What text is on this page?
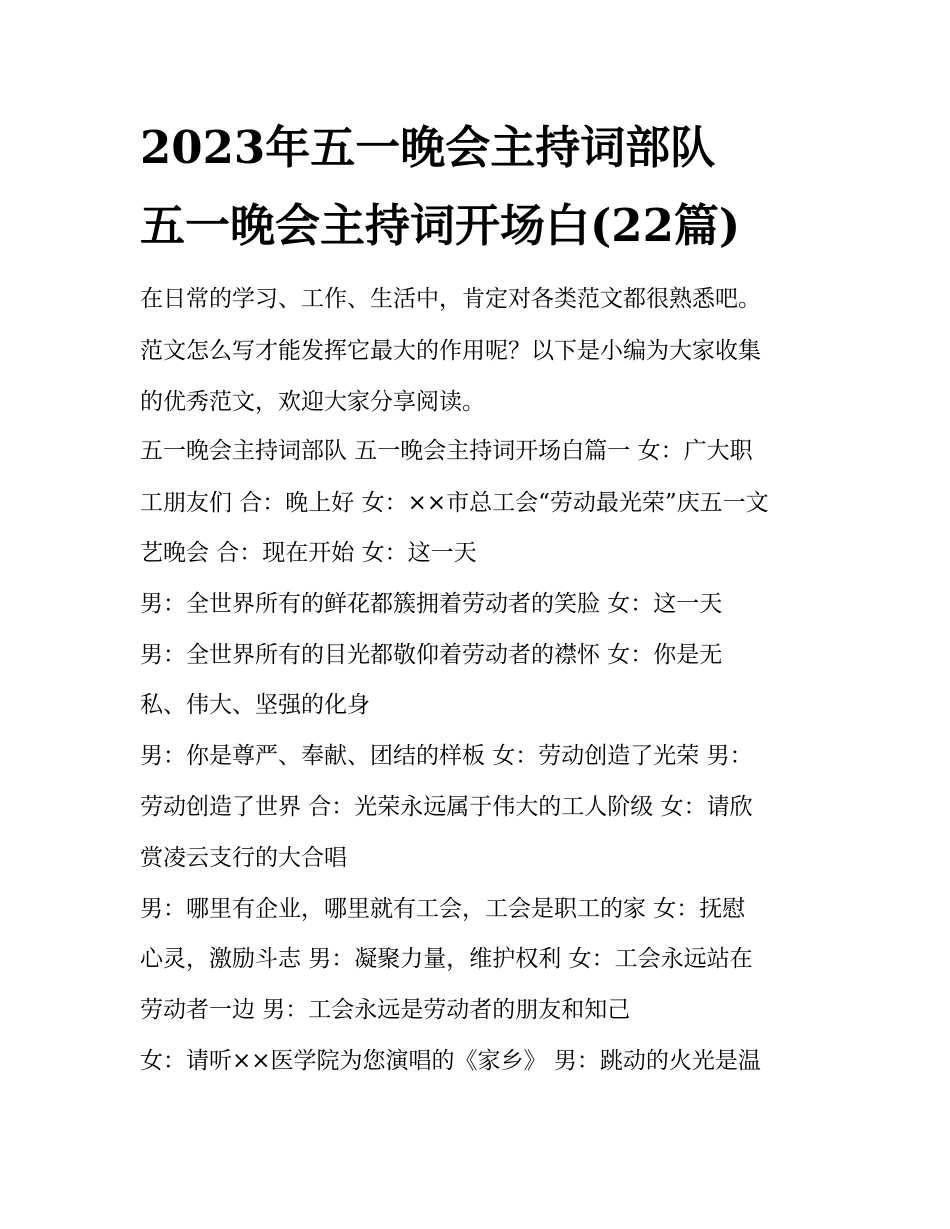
2023年五一晚会主持词部队
五一晚会主持词开场白(22篇)

在日常的学习、工作、生活中，肯定对各类范文都很熟悉吧。

范文怎么写才能发挥它最大的作用呢？以下是小编为大家收集

的优秀范文，欢迎大家分享阅读。

五一晚会主持词部队 五一晚会主持词开场白篇一 女：广大职

工朋友们 合：晚上好 女：××市总工会“劳动最光荣”庆五一文

艺晚会 合：现在开始 女：这一天

男：全世界所有的鲜花都簇拥着劳动者的笑脸 女：这一天

男：全世界所有的目光都敬仰着劳动者的襟怀 女：你是无

私、伟大、坚强的化身

男：你是尊严、奉献、团结的样板 女：劳动创造了光荣 男：

劳动创造了世界 合：光荣永远属于伟大的工人阶级 女：请欣

赏凌云支行的大合唱

男：哪里有企业，哪里就有工会，工会是职工的家 女：抚慰

心灵，激励斗志 男：凝聚力量，维护权利 女：工会永远站在

劳动者一边 男：工会永远是劳动者的朋友和知己

女：请听××医学院为您演唱的《家乡》 男：跳动的火光是温
